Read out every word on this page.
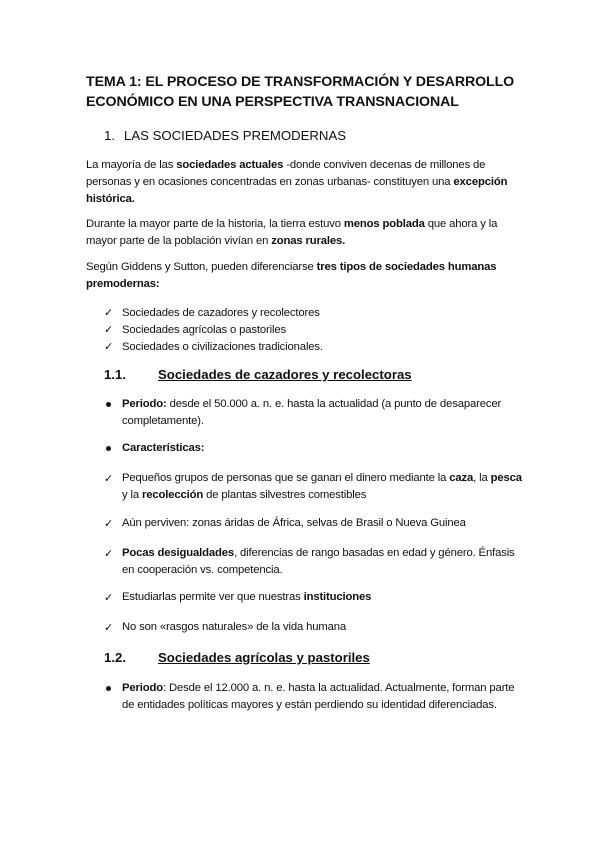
TEMA 1: EL PROCESO DE TRANSFORMACIÓN Y DESARROLLO ECONÓMICO EN UNA PERSPECTIVA TRANSNACIONAL
1. LAS SOCIEDADES PREMODERNAS
La mayoría de las sociedades actuales -donde conviven decenas de millones de personas y en ocasiones concentradas en zonas urbanas- constituyen una excepción histórica.
Durante la mayor parte de la historia, la tierra estuvo menos poblada que ahora y la mayor parte de la población vivían en zonas rurales.
Según Giddens y Sutton, pueden diferenciarse tres tipos de sociedades humanas premodernas:
✓ Sociedades de cazadores y recolectores
✓ Sociedades agrícolas o pastoriles
✓ Sociedades o civilizaciones tradicionales.
1.1. Sociedades de cazadores y recolectoras
Periodo: desde el 50.000 a. n. e. hasta la actualidad (a punto de desaparecer completamente).
Características:
✓ Pequeños grupos de personas que se ganan el dinero mediante la caza, la pesca y la recolección de plantas silvestres comestibles
✓ Aún perviven: zonas áridas de África, selvas de Brasil o Nueva Guinea
✓ Pocas desigualdades, diferencias de rango basadas en edad y género. Énfasis en cooperación vs. competencia.
✓ Estudiarlas permite ver que nuestras instituciones
✓ No son «rasgos naturales» de la vida humana
1.2. Sociedades agrícolas y pastoriles
Periodo: Desde el 12.000 a. n. e. hasta la actualidad. Actualmente, forman parte de entidades políticas mayores y están perdiendo su identidad diferenciadas.
